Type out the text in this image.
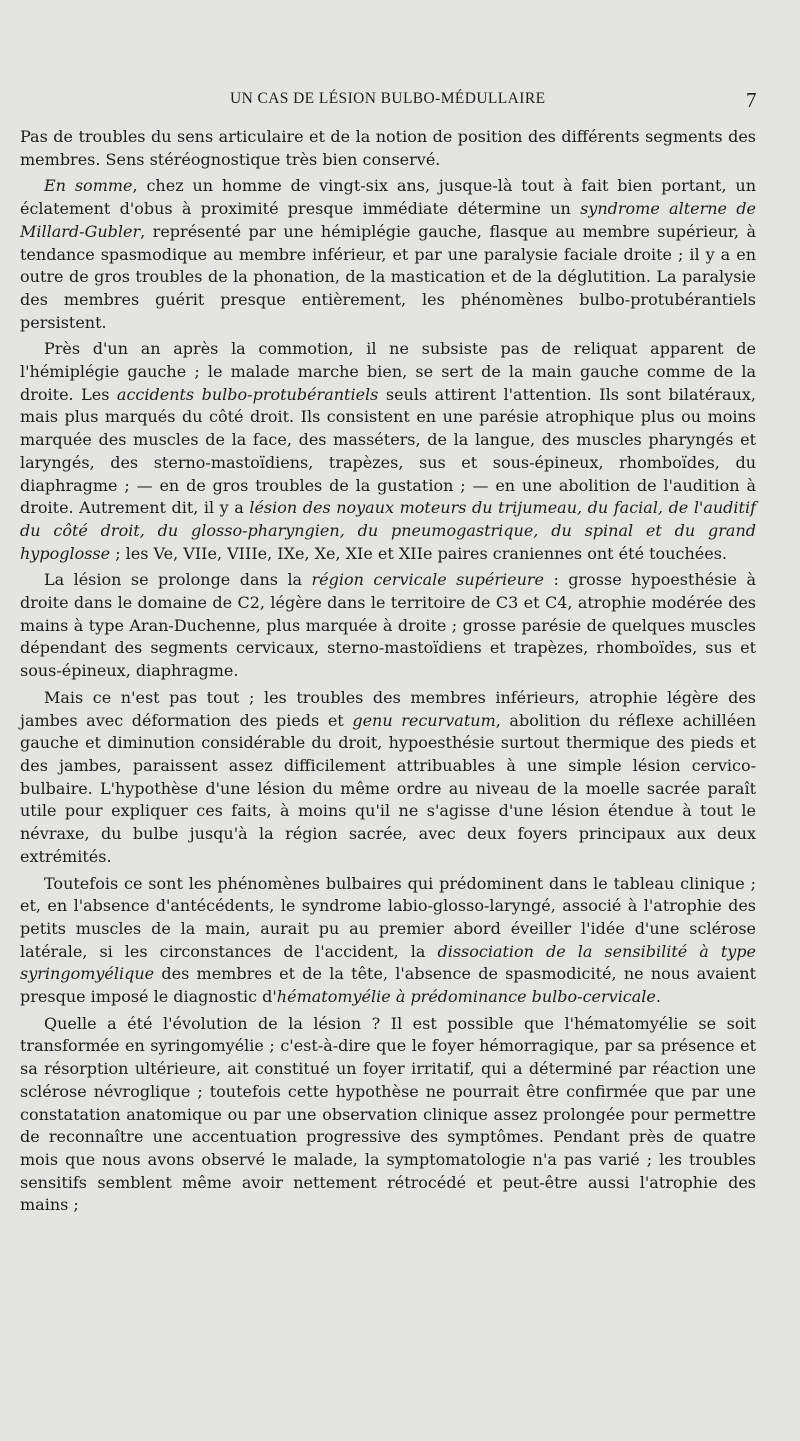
UN CAS DE LÉSION BULBO-MÉDULLAIRE	7

Pas de troubles du sens articulaire et de la notion de position des différents segments des membres. Sens stéréognostique très bien conservé.

En somme, chez un homme de vingt-six ans, jusque-là tout à fait bien portant, un éclatement d'obus à proximité presque immédiate détermine un syndrome alterne de Millard-Gubler, représenté par une hémiplégie gauche, flasque au membre supérieur, à tendance spasmodique au membre inférieur, et par une paralysie faciale droite ; il y a en outre de gros troubles de la phonation, de la mastication et de la déglutition. La paralysie des membres guérit presque entièrement, les phénomènes bulbo-protubérantiels persistent.

Près d'un an après la commotion, il ne subsiste pas de reliquat apparent de l'hémiplégie gauche ; le malade marche bien, se sert de la main gauche comme de la droite. Les accidents bulbo-protubérantiels seuls attirent l'attention. Ils sont bilatéraux, mais plus marqués du côté droit. Ils consistent en une parésie atrophique plus ou moins marquée des muscles de la face, des masséters, de la langue, des muscles pharyngés et laryngés, des sterno-mastoïdiens, trapèzes, sus et sous-épineux, rhomboïdes, du diaphragme ; — en de gros troubles de la gustation ; — en une abolition de l'audition à droite. Autrement dit, il y a lésion des noyaux moteurs du trijumeau, du facial, de l'auditif du côté droit, du glosso-pharyngien, du pneumogastrique, du spinal et du grand hypoglosse ; les Ve, VIIe, VIIIe, IXe, Xe, XIe et XIIe paires craniennes ont été touchées.

La lésion se prolonge dans la région cervicale supérieure : grosse hypoesthésie à droite dans le domaine de C2, légère dans le territoire de C3 et C4, atrophie modérée des mains à type Aran-Duchenne, plus marquée à droite ; grosse parésie de quelques muscles dépendant des segments cervicaux, sterno-mastoïdiens et trapèzes, rhomboïdes, sus et sous-épineux, diaphragme.

Mais ce n'est pas tout ; les troubles des membres inférieurs, atrophie légère des jambes avec déformation des pieds et genu recurvatum, abolition du réflexe achilléen gauche et diminution considérable du droit, hypoesthésie surtout thermique des pieds et des jambes, paraissent assez difficilement attribuables à une simple lésion cervico-bulbaire. L'hypothèse d'une lésion du même ordre au niveau de la moelle sacrée paraît utile pour expliquer ces faits, à moins qu'il ne s'agisse d'une lésion étendue à tout le névraxe, du bulbe jusqu'à la région sacrée, avec deux foyers principaux aux deux extrémités.

Toutefois ce sont les phénomènes bulbaires qui prédominent dans le tableau clinique ; et, en l'absence d'antécédents, le syndrome labio-glosso-laryngé, associé à l'atrophie des petits muscles de la main, aurait pu au premier abord éveiller l'idée d'une sclérose latérale, si les circonstances de l'accident, la dissociation de la sensibilité à type syringomyélique des membres et de la tête, l'absence de spasmodicité, ne nous avaient presque imposé le diagnostic d'hématomyélie à prédominance bulbo-cervicale.

Quelle a été l'évolution de la lésion ? Il est possible que l'hématomyélie se soit transformée en syringomyélie ; c'est-à-dire que le foyer hémorragique, par sa présence et sa résorption ultérieure, ait constitué un foyer irritatif, qui a déterminé par réaction une sclérose névroglique ; toutefois cette hypothèse ne pourrait être confirmée que par une constatation anatomique ou par une observation clinique assez prolongée pour permettre de reconnaître une accentuation progressive des symptômes. Pendant près de quatre mois que nous avons observé le malade, la symptomatologie n'a pas varié ; les troubles sensitifs semblent même avoir nettement rétrocédé et peut-être aussi l'atrophie des mains ;
